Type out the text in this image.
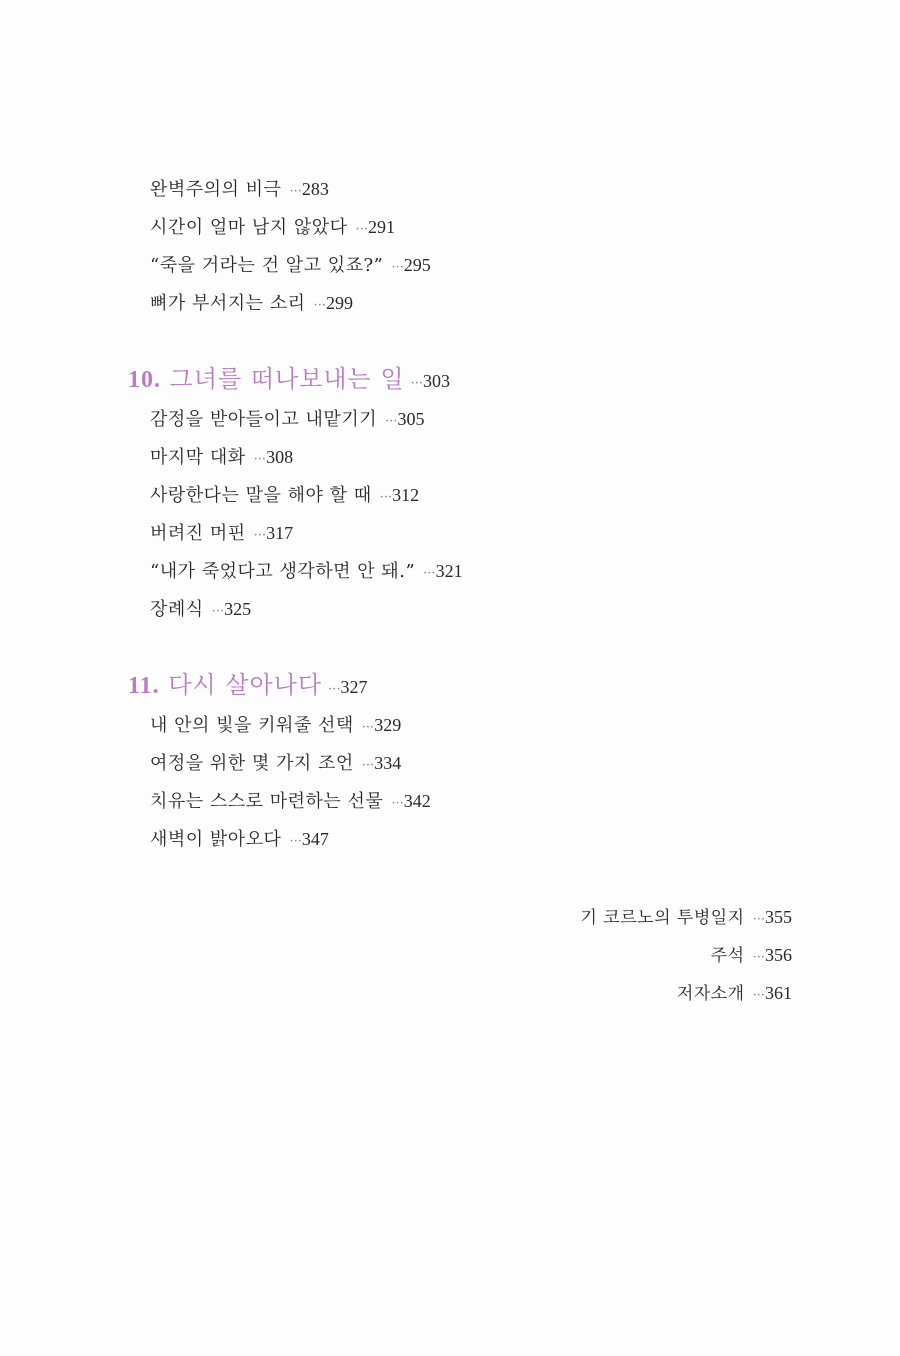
완벽주의의 비극 ···283
시간이 얼마 남지 않았다 ···291
“죽을 거라는 건 알고 있죠?” ···295
뼈가 부서지는 소리 ···299
10. 그녀를 떠나보내는 일 ···303
감정을 받아들이고 내맡기기 ···305
마지막 대화 ···308
사랑한다는 말을 해야 할 때 ···312
버려진 머핀 ···317
“내가 죽었다고 생각하면 안 돼.” ···321
장례식 ···325
11. 다시 살아나다 ···327
내 안의 빛을 키워줄 선택 ···329
여정을 위한 몇 가지 조언 ···334
치유는 스스로 마련하는 선물 ···342
새벽이 밝아오다 ···347
기 코르노의 투병일지 ···355
주석 ···356
저자소개 ···361
